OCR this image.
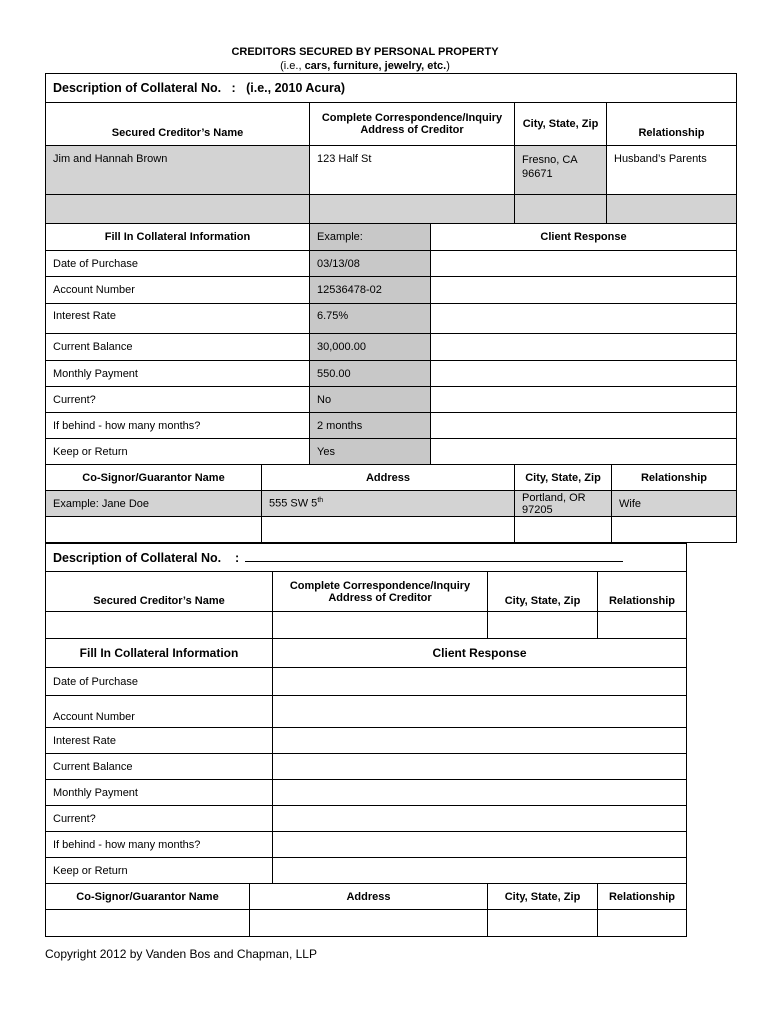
CREDITORS SECURED BY PERSONAL PROPERTY
(i.e., cars, furniture, jewelry, etc.)

Description of Collateral No. : (i.e., 2010 Acura)								
Secured Creditor’s Name			Complete Correspondence/Inquiry Address of Creditor		City, State, Zip		Relationship	
Jim and Hannah Brown			123 Half St		Fresno, CA 96671		Husband’s Parents	

Fill In Collateral Information			Example:	Client Response				
Date of Purchase			03/13/08					
Account Number			12536478-02					
Interest Rate			6.75%					
Current Balance			30,000.00					
Monthly Payment			550.00					
Current?			No					
If behind - how many months?			2 months					
Keep or Return			Yes					
Co-Signor/Guarantor Name		Address			City, State, Zip			Relationship
Example: Jane Doe		555 SW 5th			Portland, OR 97205			Wife

Description of Collateral No. :							
Secured Creditor’s Name			Complete Correspondence/Inquiry Address of Creditor		City, State, Zip		Relationship

Fill In Collateral Information			Client Response				
Date of Purchase							
Account Number							
Interest Rate							
Current Balance							
Monthly Payment							
Current?							
If behind - how many months?							
Keep or Return							
Co-Signor/Guarantor Name		Address			City, State, Zip		Relationship

Copyright 2012 by Vanden Bos and Chapman, LLP
